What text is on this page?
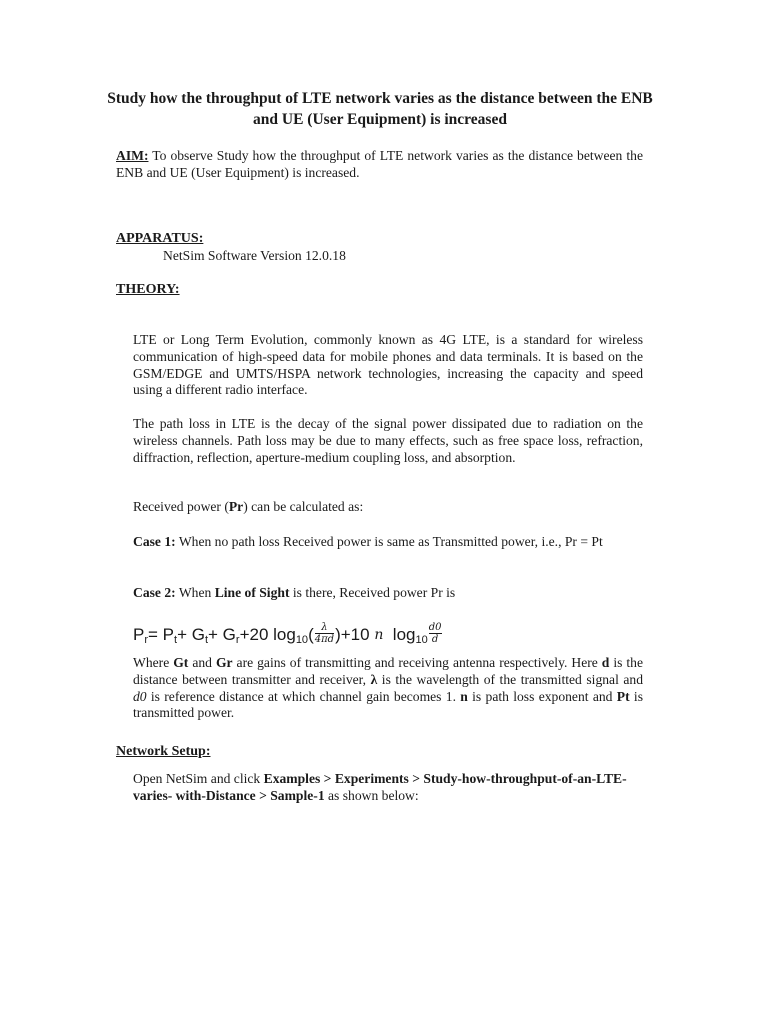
Study how the throughput of LTE network varies as the distance between the ENB and UE (User Equipment) is increased
AIM: To observe Study how the throughput of LTE network varies as the distance between the ENB and UE (User Equipment) is increased.
APPARATUS:
NetSim Software Version 12.0.18
THEORY:
LTE or Long Term Evolution, commonly known as 4G LTE, is a standard for wireless communication of high-speed data for mobile phones and data terminals. It is based on the GSM/EDGE and UMTS/HSPA network technologies, increasing the capacity and speed using a different radio interface.
The path loss in LTE is the decay of the signal power dissipated due to radiation on the wireless channels. Path loss may be due to many effects, such as free space loss, refraction, diffraction, reflection, aperture-medium coupling loss, and absorption.
Received power (Pr) can be calculated as:
Case 1: When no path loss Received power is same as Transmitted power, i.e., Pr = Pt
Case 2: When Line of Sight is there, Received power Pr is
P r = P t + G t + G r +20 log 10 ( $\frac{\lambda}{4\pi d} )+10$
n
$\log 10 \frac{d0}{d}$
Where Gt and Gr are gains of transmitting and receiving antenna respectively. Here d is the distance between transmitter and receiver, λ is the wavelength of the transmitted signal and d0 is reference distance at which channel gain becomes 1. n is path loss exponent and Pt is transmitted power.
Network Setup:
Open NetSim and click Examples > Experiments > Study-how-throughput-of-an-LTE-varies- with-Distance > Sample-1 as shown below:
